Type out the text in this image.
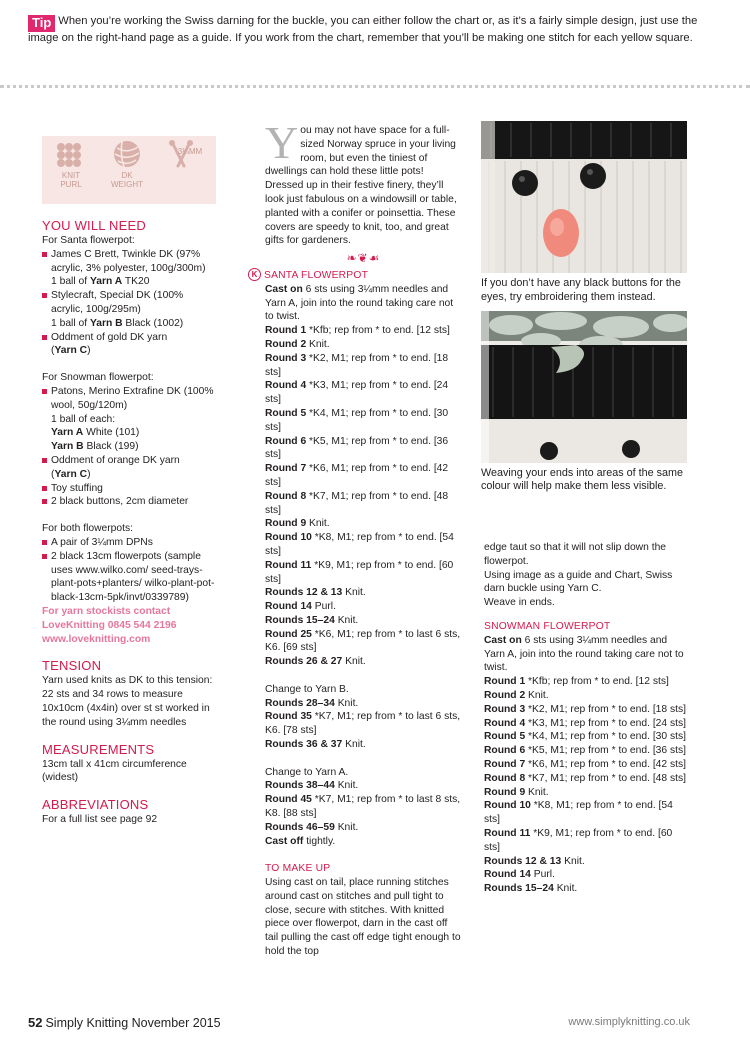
Tip When you’re working the Swiss darning for the buckle, you can either follow the chart or, as it’s a fairly simple design, just use the image on the right-hand page as a guide. If you work from the chart, remember that you’ll be making one stitch for each yellow square.
KNIT
PURL
DK
WEIGHT
3¼MM
YOU WILL NEED
For Santa flowerpot:
James C Brett, Twinkle DK (97% acrylic, 3% polyester, 100g/300m)
1 ball of Yarn A TK20
Stylecraft, Special DK (100% acrylic, 100g/295m)
1 ball of Yarn B Black (1002)
Oddment of gold DK yarn
(Yarn C)
For Snowman flowerpot:
Patons, Merino Extrafine DK (100% wool, 50g/120m)
1 ball of each:
Yarn A White (101)
Yarn B Black (199)
Oddment of orange DK yarn
(Yarn C)
Toy stuffing
2 black buttons, 2cm diameter
For both flowerpots:
A pair of 3¼mm DPNs
2 black 13cm flowerpots (sample uses www.wilko.com/ seed-trays-plant-pots+planters/ wilko-plant-pot-black-13cm-5pk/invt/0339789)
For yarn stockists contact
LoveKnitting 0845 544 2196
www.loveknitting.com
TENSION
Yarn used knits as DK to this tension: 22 sts and 34 rows to measure 10x10cm (4x4in) over st st worked in the round using 3¼mm needles
MEASUREMENTS
13cm tall x 41cm circumference (widest)
ABBREVIATIONS
For a full list see page 92
You may not have space for a full-sized Norway spruce in your living room, but even the tiniest of dwellings can hold these little pots! Dressed up in their festive finery, they’ll look just fabulous on a windowsill or table, planted with a conifer or poinsettia. These covers are speedy to knit, too, and great gifts for gardeners.
❧❦☙
K SANTA FLOWERPOT
Cast on 6 sts using 3¼mm needles and Yarn A, join into the round taking care not to twist.
Round 1 *Kfb; rep from * to end. [12 sts]
Round 2 Knit.
Round 3 *K2, M1; rep from * to end. [18 sts]
Round 4 *K3, M1; rep from * to end. [24 sts]
Round 5 *K4, M1; rep from * to end. [30 sts]
Round 6 *K5, M1; rep from * to end. [36 sts]
Round 7 *K6, M1; rep from * to end. [42 sts]
Round 8 *K7, M1; rep from * to end. [48 sts]
Round 9 Knit.
Round 10 *K8, M1; rep from * to end. [54 sts]
Round 11 *K9, M1; rep from * to end. [60 sts]
Rounds 12 & 13 Knit.
Round 14 Purl.
Rounds 15–24 Knit.
Round 25 *K6, M1; rep from * to last 6 sts, K6. [69 sts]
Rounds 26 & 27 Knit.
Change to Yarn B.
Rounds 28–34 Knit.
Round 35 *K7, M1; rep from * to last 6 sts, K6. [78 sts]
Rounds 36 & 37 Knit.
Change to Yarn A.
Rounds 38–44 Knit.
Round 45 *K7, M1; rep from * to last 8 sts, K8. [88 sts]
Rounds 46–59 Knit.
Cast off tightly.
TO MAKE UP
Using cast on tail, place running stitches around cast on stitches and pull tight to close, secure with stitches. With knitted piece over flowerpot, darn in the cast off tail pulling the cast off edge tight enough to hold the top
If you don’t have any black buttons for the eyes, try embroidering them instead.
Weaving your ends into areas of the same colour will help make them less visible.
edge taut so that it will not slip down the flowerpot.
Using image as a guide and Chart, Swiss darn buckle using Yarn C.
Weave in ends.
SNOWMAN FLOWERPOT
Cast on 6 sts using 3¼mm needles and Yarn A, join into the round taking care not to twist.
Round 1 *Kfb; rep from * to end. [12 sts]
Round 2 Knit.
Round 3 *K2, M1; rep from * to end. [18 sts]
Round 4 *K3, M1; rep from * to end. [24 sts]
Round 5 *K4, M1; rep from * to end. [30 sts]
Round 6 *K5, M1; rep from * to end. [36 sts]
Round 7 *K6, M1; rep from * to end. [42 sts]
Round 8 *K7, M1; rep from * to end. [48 sts]
Round 9 Knit.
Round 10 *K8, M1; rep from * to end. [54 sts]
Round 11 *K9, M1; rep from * to end. [60 sts]
Rounds 12 & 13 Knit.
Round 14 Purl.
Rounds 15–24 Knit.
52 Simply Knitting November 2015	www.simplyknitting.co.uk
